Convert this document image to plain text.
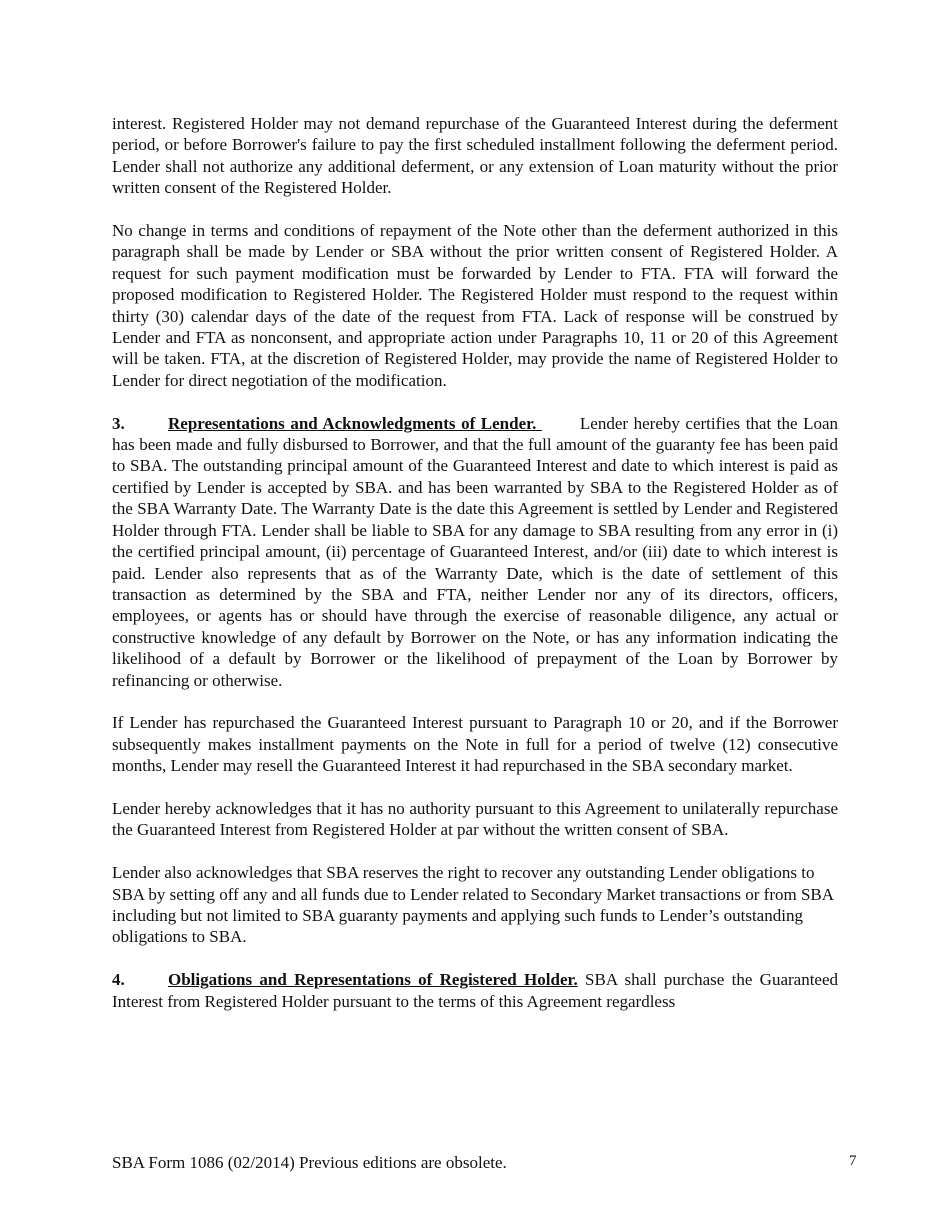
interest. Registered Holder may not demand repurchase of the Guaranteed Interest during the deferment period, or before Borrower's failure to pay the first scheduled installment following the deferment period. Lender shall not authorize any additional deferment, or any extension of Loan maturity without the prior written consent of the Registered Holder.

No change in terms and conditions of repayment of the Note other than the deferment authorized in this paragraph shall be made by Lender or SBA without the prior written consent of Registered Holder. A request for such payment modification must be forwarded by Lender to FTA. FTA will forward the proposed modification to Registered Holder. The Registered Holder must respond to the request within thirty (30) calendar days of the date of the request from FTA. Lack of response will be construed by Lender and FTA as nonconsent, and appropriate action under Paragraphs 10, 11 or 20 of this Agreement will be taken. FTA, at the discretion of Registered Holder, may provide the name of Registered Holder to Lender for direct negotiation of the modification.

3.	Representations and Acknowledgments of Lender. Lender hereby certifies that the Loan has been made and fully disbursed to Borrower, and that the full amount of the guaranty fee has been paid to SBA. The outstanding principal amount of the Guaranteed Interest and date to which interest is paid as certified by Lender is accepted by SBA. and has been warranted by SBA to the Registered Holder as of the SBA Warranty Date. The Warranty Date is the date this Agreement is settled by Lender and Registered Holder through FTA. Lender shall be liable to SBA for any damage to SBA resulting from any error in (i) the certified principal amount, (ii) percentage of Guaranteed Interest, and/or (iii) date to which interest is paid. Lender also represents that as of the Warranty Date, which is the date of settlement of this transaction as determined by the SBA and FTA, neither Lender nor any of its directors, officers, employees, or agents has or should have through the exercise of reasonable diligence, any actual or constructive knowledge of any default by Borrower on the Note, or has any information indicating the likelihood of a default by Borrower or the likelihood of prepayment of the Loan by Borrower by refinancing or otherwise.

If Lender has repurchased the Guaranteed Interest pursuant to Paragraph 10 or 20, and if the Borrower subsequently makes installment payments on the Note in full for a period of twelve (12) consecutive months, Lender may resell the Guaranteed Interest it had repurchased in the SBA secondary market.

Lender hereby acknowledges that it has no authority pursuant to this Agreement to unilaterally repurchase the Guaranteed Interest from Registered Holder at par without the written consent of SBA.

Lender also acknowledges that SBA reserves the right to recover any outstanding Lender obligations to SBA by setting off any and all funds due to Lender related to Secondary Market transactions or from SBA including but not limited to SBA guaranty payments and applying such funds to Lender’s outstanding obligations to SBA.

4.	Obligations and Representations of Registered Holder. SBA shall purchase the Guaranteed Interest from Registered Holder pursuant to the terms of this Agreement regardless

SBA Form 1086 (02/2014) Previous editions are obsolete.	7
